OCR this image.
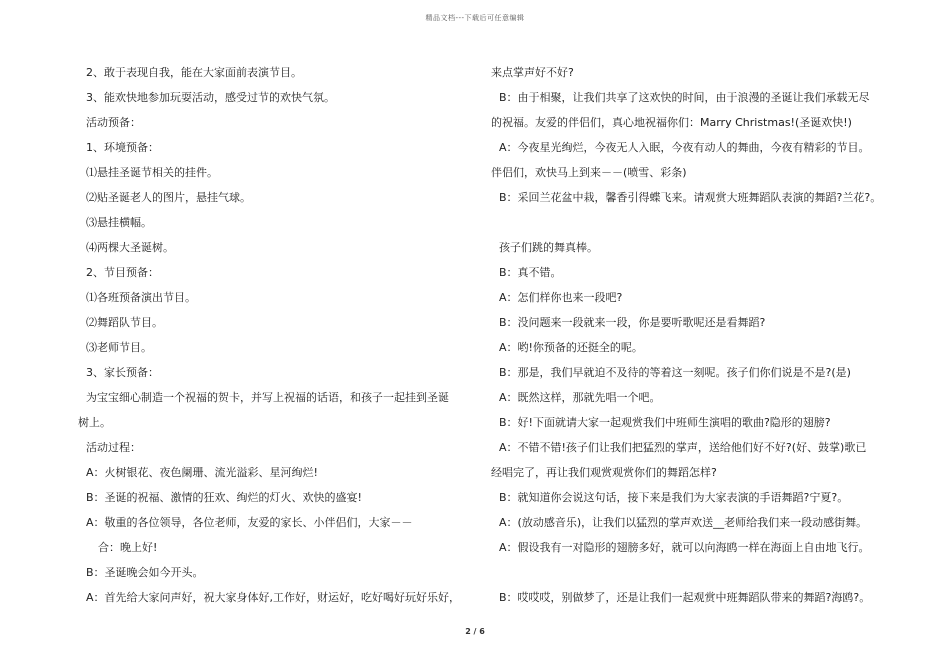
精品文档---下载后可任意编辑
2、敢于表现自我，能在大家面前表演节目。
3、能欢快地参加玩耍活动，感受过节的欢快气氛。
活动预备：
1、环境预备：
⑴悬挂圣诞节相关的挂件。
⑵贴圣诞老人的图片，悬挂气球。
⑶悬挂横幅。
⑷两棵大圣诞树。
2、节目预备：
⑴各班预备演出节目。
⑵舞蹈队节目。
⑶老师节目。
3、家长预备：
为宝宝细心制造一个祝福的贺卡，并写上祝福的话语，和孩子一起挂到圣诞
树上。
活动过程：
A：火树银花、夜色阑珊、流光溢彩、星河绚烂!
B：圣诞的祝福、激情的狂欢、绚烂的灯火、欢快的盛宴!
A：敬重的各位领导，各位老师，友爱的家长、小伴侣们，大家－－
合：晚上好!
B：圣诞晚会如今开头。
A：首先给大家问声好，祝大家身体好,工作好，财运好，吃好喝好玩好乐好，
来点掌声好不好?
B：由于相聚，让我们共享了这欢快的时间，由于浪漫的圣诞让我们承载无尽
的祝福。友爱的伴侣们，真心地祝福你们：Marry Christmas!(圣诞欢快!)
A：今夜星光绚烂，今夜无人入眠，今夜有动人的舞曲，今夜有精彩的节目。
伴侣们，欢快马上到来－－(喷雪、彩条)
B：采回兰花盆中栽，馨香引得蝶飞来。请观赏大班舞蹈队表演的舞蹈?兰花?。
孩子们跳的舞真棒。
B：真不错。
A：怎们样你也来一段吧?
B：没问题来一段就来一段，你是要听歌呢还是看舞蹈?
A：哟!你预备的还挺全的呢。
B：那是，我们早就迫不及待的等着这一刻呢。孩子们你们说是不是?(是)
A：既然这样，那就先唱一个吧。
B：好!下面就请大家一起观赏我们中班师生演唱的歌曲?隐形的翅膀?
A：不错不错!孩子们让我们把猛烈的掌声，送给他们好不好?(好、鼓掌)歌已
经唱完了，再让我们观赏观赏你们的舞蹈怎样?
B：就知道你会说这句话，接下来是我们为大家表演的手语舞蹈?宁夏?。
A：(放动感音乐)，让我们以猛烈的掌声欢送__老师给我们来一段动感街舞。
A：假设我有一对隐形的翅膀多好，就可以向海鸥一样在海面上自由地飞行。
B：哎哎哎，别做梦了，还是让我们一起观赏中班舞蹈队带来的舞蹈?海鸥?。
2 / 6
